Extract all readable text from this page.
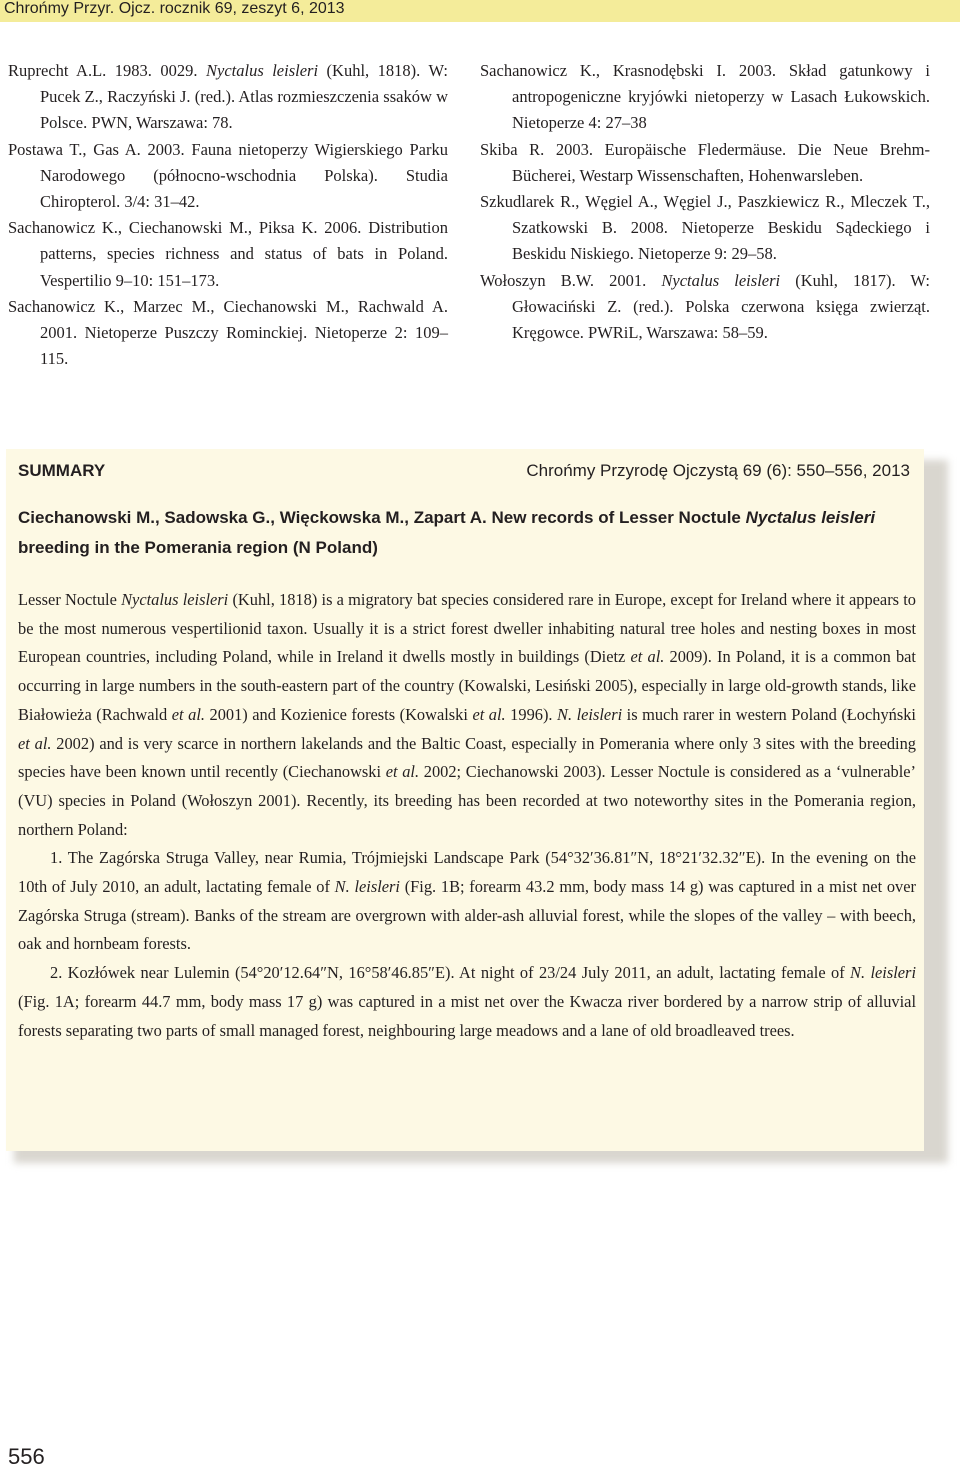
Chrońmy Przyr. Ojcz. rocznik 69, zeszyt 6, 2013
Ruprecht A.L. 1983. 0029. Nyctalus leisleri (Kuhl, 1818). W: Pucek Z., Raczyński J. (red.). Atlas rozmieszczenia ssaków w Polsce. PWN, Warszawa: 78.
Postawa T., Gas A. 2003. Fauna nietoperzy Wigierskiego Parku Narodowego (północno-wschodnia Polska). Studia Chiropterol. 3/4: 31–42.
Sachanowicz K., Ciechanowski M., Piksa K. 2006. Distribution patterns, species richness and status of bats in Poland. Vespertilio 9–10: 151–173.
Sachanowicz K., Marzec M., Ciechanowski M., Rachwald A. 2001. Nietoperze Puszczy Rominckiej. Nietoperze 2: 109–115.
Sachanowicz K., Krasnodębski I. 2003. Skład gatunkowy i antropogeniczne kryjówki nietoperzy w Lasach Łukowskich. Nietoperze 4: 27–38
Skiba R. 2003. Europäische Fledermäuse. Die Neue Brehm-Bücherei, Westarp Wissenschaften, Hohenwarsleben.
Szkudlarek R., Węgiel A., Węgiel J., Paszkiewicz R., Mleczek T., Szatkowski B. 2008. Nietoperze Beskidu Sądeckiego i Beskidu Niskiego. Nietoperze 9: 29–58.
Wołoszyn B.W. 2001. Nyctalus leisleri (Kuhl, 1817). W: Głowaciński Z. (red.). Polska czerwona księga zwierząt. Kręgowce. PWRiL, Warszawa: 58–59.
SUMMARY	Chrońmy Przyrodę Ojczystą 69 (6): 550–556, 2013
Ciechanowski M., Sadowska G., Więckowska M., Zapart A. New records of Lesser Noctule Nyctalus leisleri breeding in the Pomerania region (N Poland)

Lesser Noctule Nyctalus leisleri (Kuhl, 1818) is a migratory bat species considered rare in Europe, except for Ireland where it appears to be the most numerous vespertilionid taxon. Usually it is a strict forest dweller inhabiting natural tree holes and nesting boxes in most European countries, including Poland, while in Ireland it dwells mostly in buildings (Dietz et al. 2009). In Poland, it is a common bat occurring in large numbers in the south-eastern part of the country (Kowalski, Lesiński 2005), especially in large old-growth stands, like Białowieża (Rachwald et al. 2001) and Kozienice forests (Kowalski et al. 1996). N. leisleri is much rarer in western Poland (Łochyński et al. 2002) and is very scarce in northern lakelands and the Baltic Coast, especially in Pomerania where only 3 sites with the breeding species have been known until recently (Ciechanowski et al. 2002; Ciechanowski 2003). Lesser Noctule is considered as a ‘vulnerable’ (VU) species in Poland (Wołoszyn 2001). Recently, its breeding has been recorded at two noteworthy sites in the Pomerania region, northern Poland:

1. The Zagórska Struga Valley, near Rumia, Trójmiejski Landscape Park (54°32′36.81″N, 18°21′32.32″E). In the evening on the 10th of July 2010, an adult, lactating female of N. leisleri (Fig. 1B; forearm 43.2 mm, body mass 14 g) was captured in a mist net over Zagórska Struga (stream). Banks of the stream are overgrown with alder-ash alluvial forest, while the slopes of the valley – with beech, oak and hornbeam forests.

2. Kozłówek near Lulemin (54°20′12.64″N, 16°58′46.85″E). At night of 23/24 July 2011, an adult, lactating female of N. leisleri (Fig. 1A; forearm 44.7 mm, body mass 17 g) was captured in a mist net over the Kwacza river bordered by a narrow strip of alluvial forests separating two parts of small managed forest, neighbouring large meadows and a lane of old broadleaved trees.

556
